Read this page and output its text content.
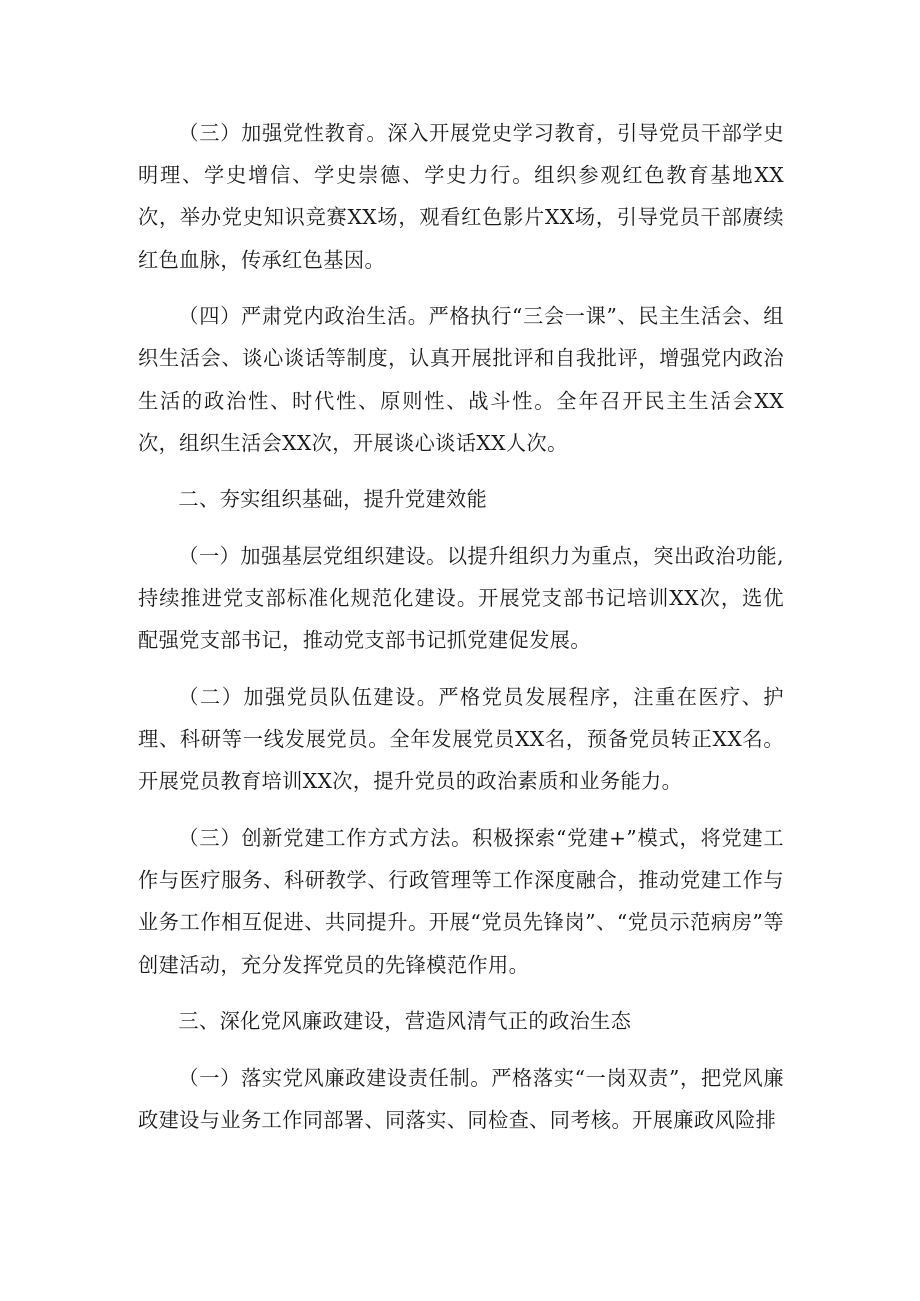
（三）加强党性教育。深入开展党史学习教育，引导党员干部学史明理、学史增信、学史崇德、学史力行。组织参观红色教育基地XX次，举办党史知识竞赛XX场，观看红色影片XX场，引导党员干部赓续红色血脉，传承红色基因。

（四）严肃党内政治生活。严格执行“三会一课”、民主生活会、组织生活会、谈心谈话等制度，认真开展批评和自我批评，增强党内政治生活的政治性、时代性、原则性、战斗性。全年召开民主生活会XX次，组织生活会XX次，开展谈心谈话XX人次。

二、夯实组织基础，提升党建效能

（一）加强基层党组织建设。以提升组织力为重点，突出政治功能,持续推进党支部标准化规范化建设。开展党支部书记培训XX次，选优配强党支部书记，推动党支部书记抓党建促发展。

（二）加强党员队伍建设。严格党员发展程序，注重在医疗、护理、科研等一线发展党员。全年发展党员XX名，预备党员转正XX名。开展党员教育培训XX次，提升党员的政治素质和业务能力。

（三）创新党建工作方式方法。积极探索“党建+”模式，将党建工作与医疗服务、科研教学、行政管理等工作深度融合，推动党建工作与业务工作相互促进、共同提升。开展“党员先锋岗”、“党员示范病房”等创建活动，充分发挥党员的先锋模范作用。

三、深化党风廉政建设，营造风清气正的政治生态

（一）落实党风廉政建设责任制。严格落实“一岗双责”，把党风廉政建设与业务工作同部署、同落实、同检查、同考核。开展廉政风险排
